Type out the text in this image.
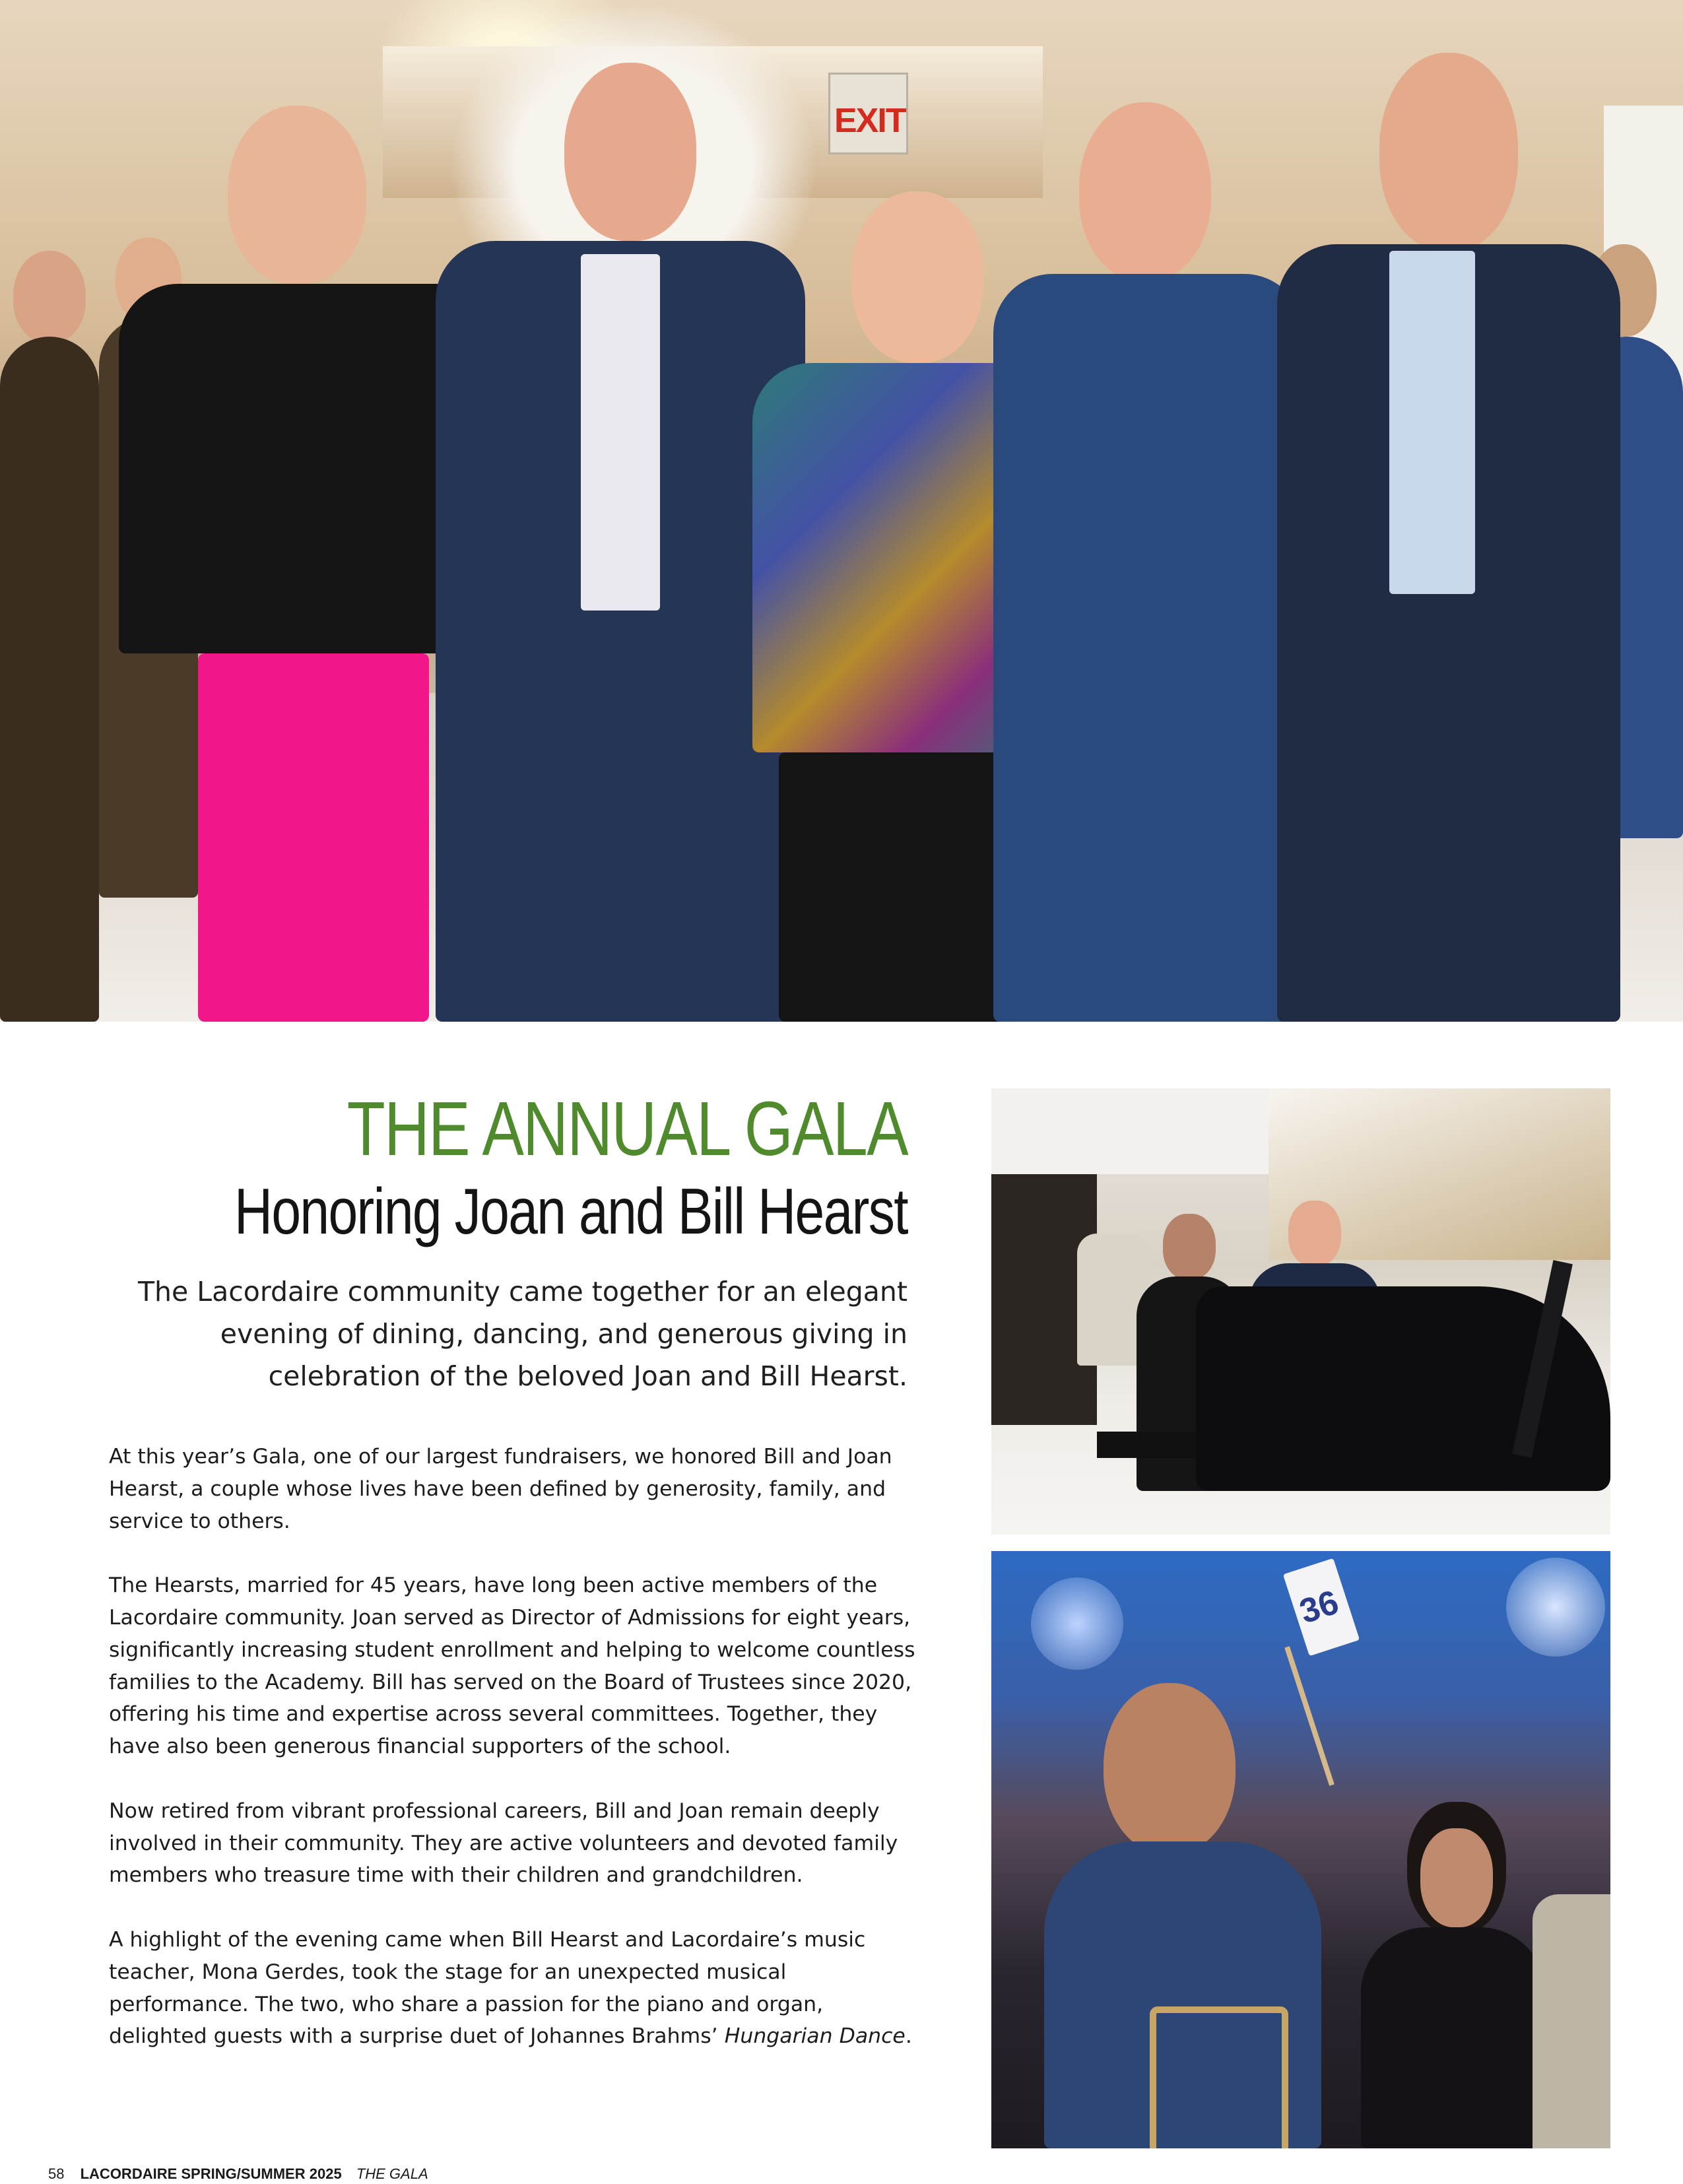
EXIT
THE ANNUAL GALA
Honoring Joan and Bill Hearst
The Lacordaire community came together for an elegant
evening of dining, dancing, and generous giving in
celebration of the beloved Joan and Bill Hearst.

At this year’s Gala, one of our largest fundraisers, we honored Bill and Joan
Hearst, a couple whose lives have been defined by generosity, family, and
service to others.

The Hearsts, married for 45 years, have long been active members of the
Lacordaire community. Joan served as Director of Admissions for eight years,
significantly increasing student enrollment and helping to welcome countless
families to the Academy. Bill has served on the Board of Trustees since 2020,
offering his time and expertise across several committees. Together, they
have also been generous financial supporters of the school.

Now retired from vibrant professional careers, Bill and Joan remain deeply
involved in their community. They are active volunteers and devoted family
members who treasure time with their children and grandchildren.

A highlight of the evening came when Bill Hearst and Lacordaire’s music
teacher, Mona Gerdes, took the stage for an unexpected musical
performance. The two, who share a passion for the piano and organ,
delighted guests with a surprise duet of Johannes Brahms’ Hungarian Dance.

36
58 LACORDAIRE SPRING/SUMMER 2025 THE GALA
